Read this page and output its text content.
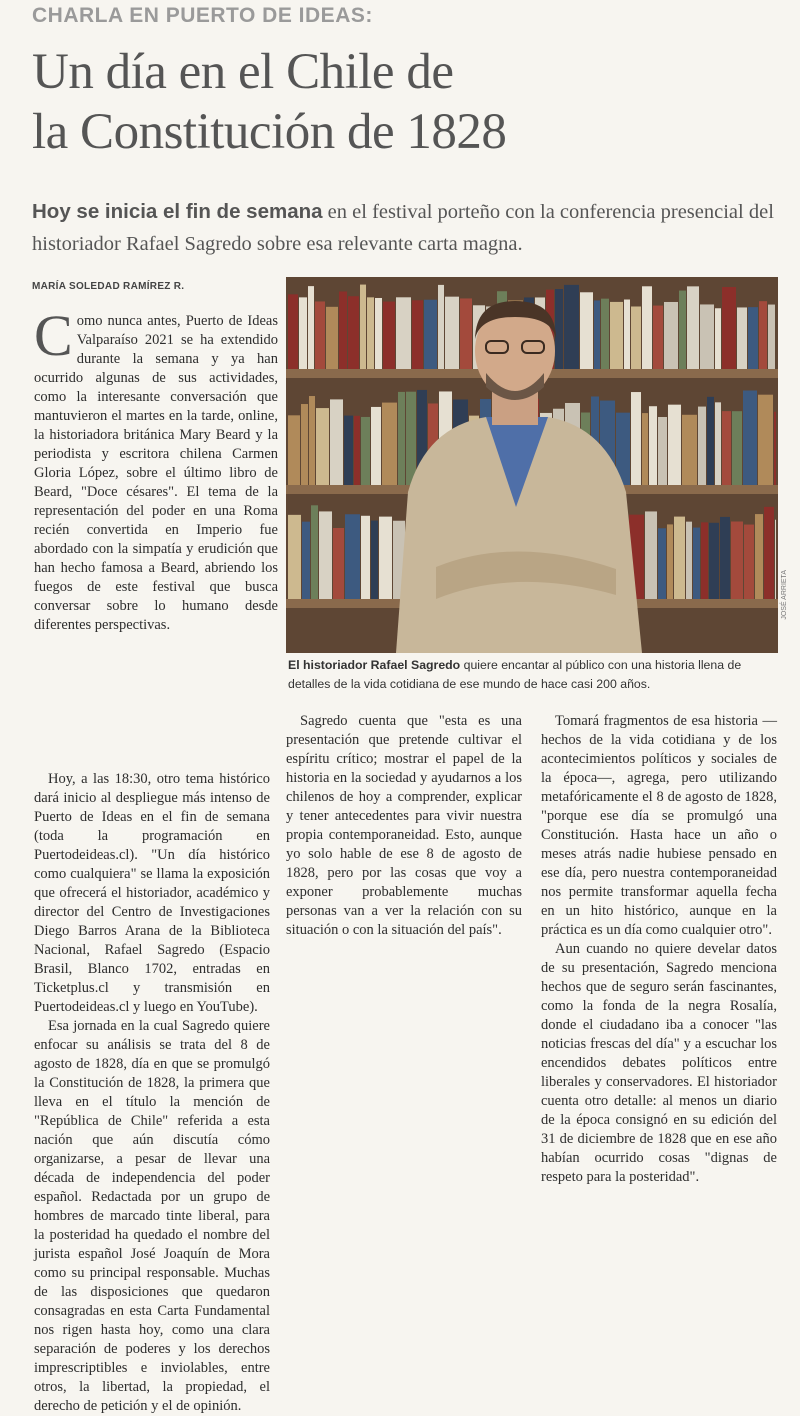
CHARLA EN PUERTO DE IDEAS:
Un día en el Chile de
la Constitución de 1828
Hoy se inicia el fin de semana en el festival porteño con la conferencia presencial del historiador Rafael Sagredo sobre esa relevante carta magna.
MARÍA SOLEDAD RAMÍREZ R.
JOSÉ ARRIETA
El historiador Rafael Sagredo quiere encantar al público con una historia llena de detalles de la vida cotidiana de ese mundo de hace casi 200 años.

Como nunca antes, Puerto de Ideas Valparaíso 2021 se ha extendido durante la semana y ya han ocurrido algunas de sus actividades, como la interesante conversación que mantuvieron el martes en la tarde, online, la historiadora británica Mary Beard y la periodista y escritora chilena Carmen Gloria López, sobre el último libro de Beard, "Doce césares". El tema de la representación del poder en una Roma recién convertida en Imperio fue abordado con la simpatía y erudición que han hecho famosa a Beard, abriendo los fuegos de este festival que busca conversar sobre lo humano desde diferentes perspectivas.

Hoy, a las 18:30, otro tema histórico dará inicio al despliegue más intenso de Puerto de Ideas en el fin de semana (toda la programación en Puertodeideas.cl). "Un día histórico como cualquiera" se llama la exposición que ofrecerá el historiador, académico y director del Centro de Investigaciones Diego Barros Arana de la Biblioteca Nacional, Rafael Sagredo (Espacio Brasil, Blanco 1702, entradas en Ticketplus.cl y transmisión en Puertodeideas.cl y luego en YouTube).

Esa jornada en la cual Sagredo quiere enfocar su análisis se trata del 8 de agosto de 1828, día en que se promulgó la Constitución de 1828, la primera que lleva en el título la mención de "República de Chile" referida a esta nación que aún discutía cómo organizarse, a pesar de llevar una década de independencia del poder español. Redactada por un grupo de hombres de marcado tinte liberal, para la posteridad ha quedado el nombre del jurista español José Joaquín de Mora como su principal responsable. Muchas de las disposiciones que quedaron consagradas en esta Carta Fundamental nos rigen hasta hoy, como una clara separación de poderes y los derechos imprescriptibles e inviolables, entre otros, la libertad, la propiedad, el derecho de petición y el de opinión.

Sagredo cuenta que "esta es una presentación que pretende cultivar el espíritu crítico; mostrar el papel de la historia en la sociedad y ayudarnos a los chilenos de hoy a comprender, explicar y tener antecedentes para vivir nuestra propia contemporaneidad. Esto, aunque yo solo hable de ese 8 de agosto de 1828, pero por las cosas que voy a exponer probablemente muchas personas van a ver la relación con su situación o con la situación del país".

Tomará fragmentos de esa historia —hechos de la vida cotidiana y de los acontecimientos políticos y sociales de la época—, agrega, pero utilizando metafóricamente el 8 de agosto de 1828, "porque ese día se promulgó una Constitución. Hasta hace un año o meses atrás nadie hubiese pensado en ese día, pero nuestra contemporaneidad nos permite transformar aquella fecha en un hito histórico, aunque en la práctica es un día como cualquier otro".

Aun cuando no quiere develar datos de su presentación, Sagredo menciona hechos que de seguro serán fascinantes, como la fonda de la negra Rosalía, donde el ciudadano iba a conocer "las noticias frescas del día" y a escuchar los encendidos debates políticos entre liberales y conservadores. El historiador cuenta otro detalle: al menos un diario de la época consignó en su edición del 31 de diciembre de 1828 que en ese año habían ocurrido cosas "dignas de respeto para la posteridad".
